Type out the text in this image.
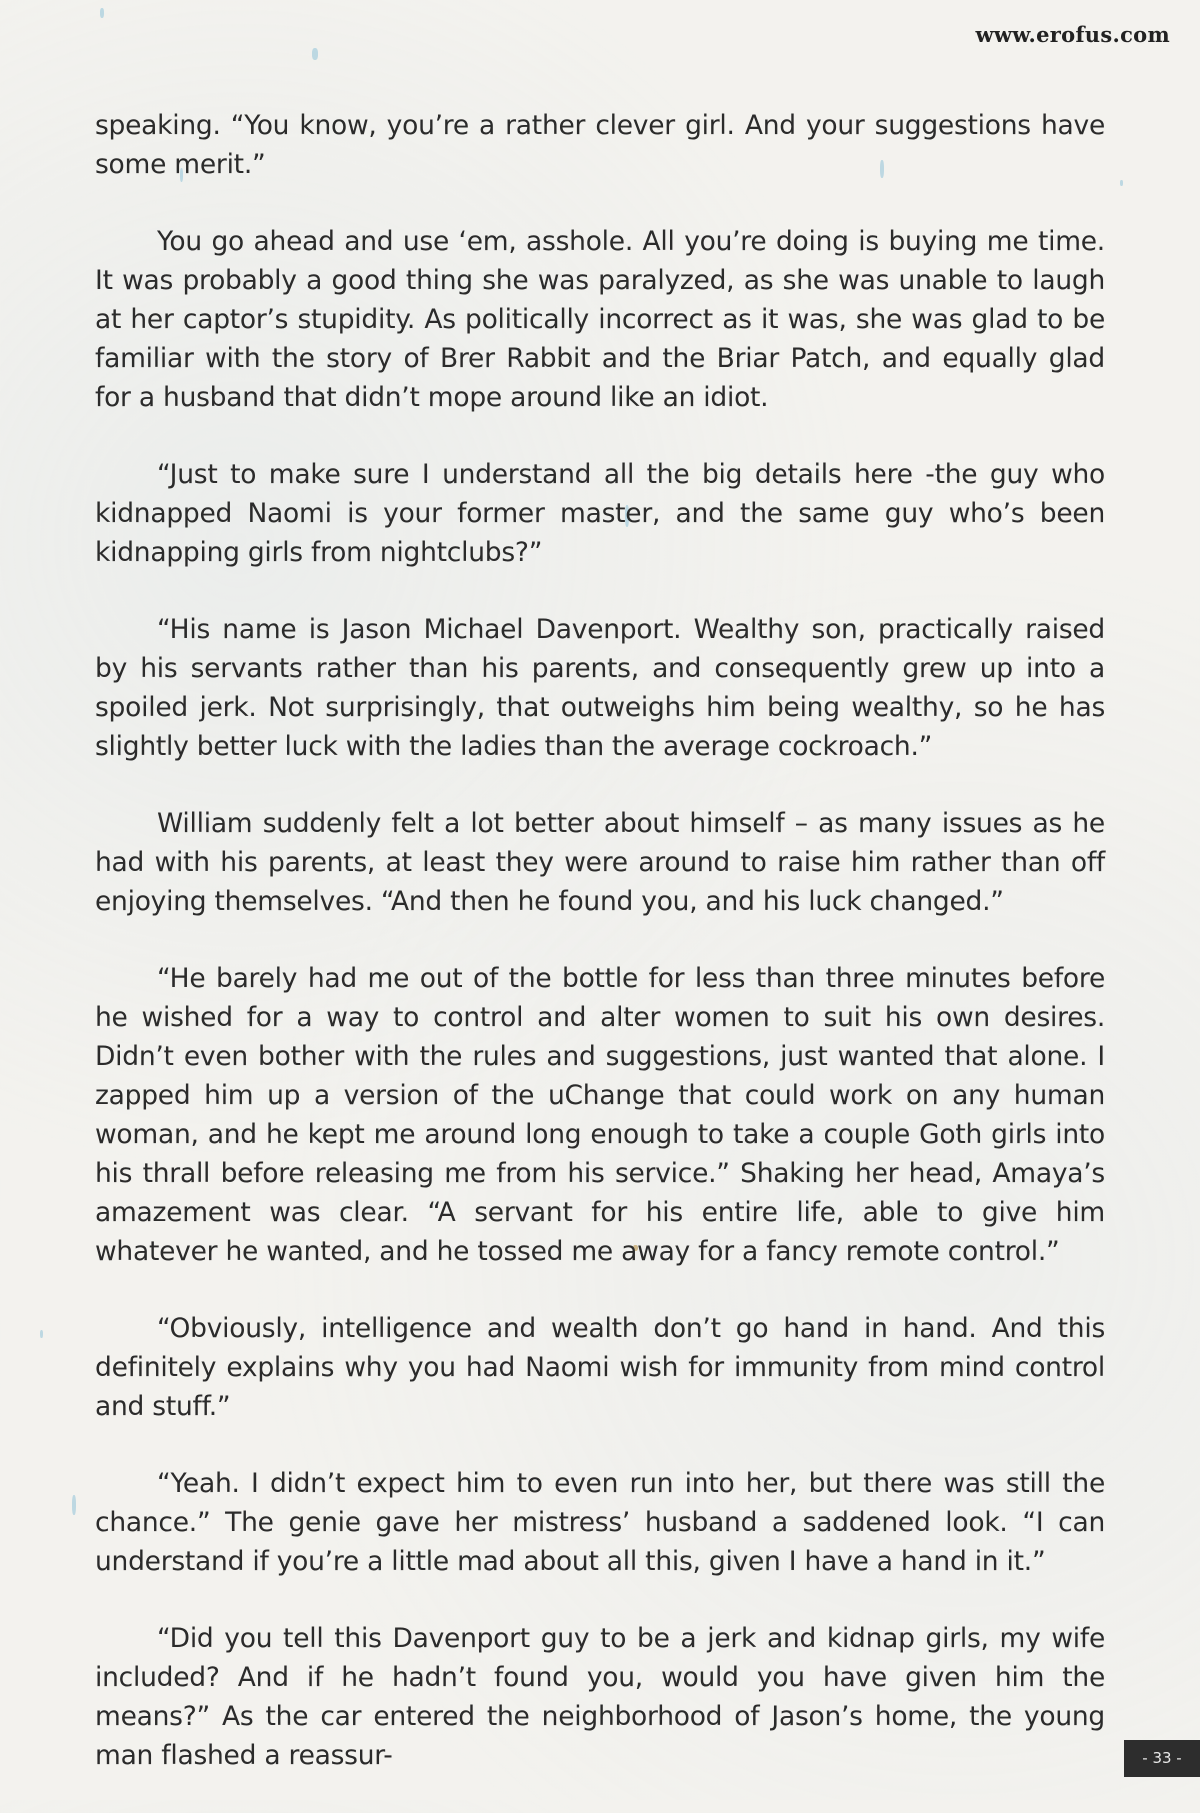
www.erofus.com

speaking. “You know, you’re a rather clever girl. And your suggestions have some merit.”

You go ahead and use ‘em, asshole. All you’re doing is buying me time. It was probably a good thing she was paralyzed, as she was unable to laugh at her captor’s stupidity. As politically incorrect as it was, she was glad to be familiar with the story of Brer Rabbit and the Briar Patch, and equally glad for a husband that didn’t mope around like an idiot.

“Just to make sure I understand all the big details here -the guy who kidnapped Naomi is your former master, and the same guy who’s been kidnapping girls from nightclubs?”

“His name is Jason Michael Davenport. Wealthy son, practically raised by his servants rather than his parents, and consequently grew up into a spoiled jerk. Not surprisingly, that outweighs him being wealthy, so he has slightly better luck with the ladies than the average cockroach.”

William suddenly felt a lot better about himself – as many issues as he had with his parents, at least they were around to raise him rather than off enjoying themselves. “And then he found you, and his luck changed.”

“He barely had me out of the bottle for less than three minutes before he wished for a way to control and alter women to suit his own desires. Didn’t even bother with the rules and suggestions, just wanted that alone. I zapped him up a version of the uChange that could work on any human woman, and he kept me around long enough to take a couple Goth girls into his thrall before releasing me from his service.” Shaking her head, Amaya’s amazement was clear. “A servant for his entire life, able to give him whatever he wanted, and he tossed me away for a fancy remote control.”

“Obviously, intelligence and wealth don’t go hand in hand. And this definitely explains why you had Naomi wish for immunity from mind control and stuff.”

“Yeah. I didn’t expect him to even run into her, but there was still the chance.” The genie gave her mistress’ husband a saddened look. “I can understand if you’re a little mad about all this, given I have a hand in it.”

“Did you tell this Davenport guy to be a jerk and kidnap girls, my wife included? And if he hadn’t found you, would you have given him the means?” As the car entered the neighborhood of Jason’s home, the young man flashed a reassur-	- 33 -
